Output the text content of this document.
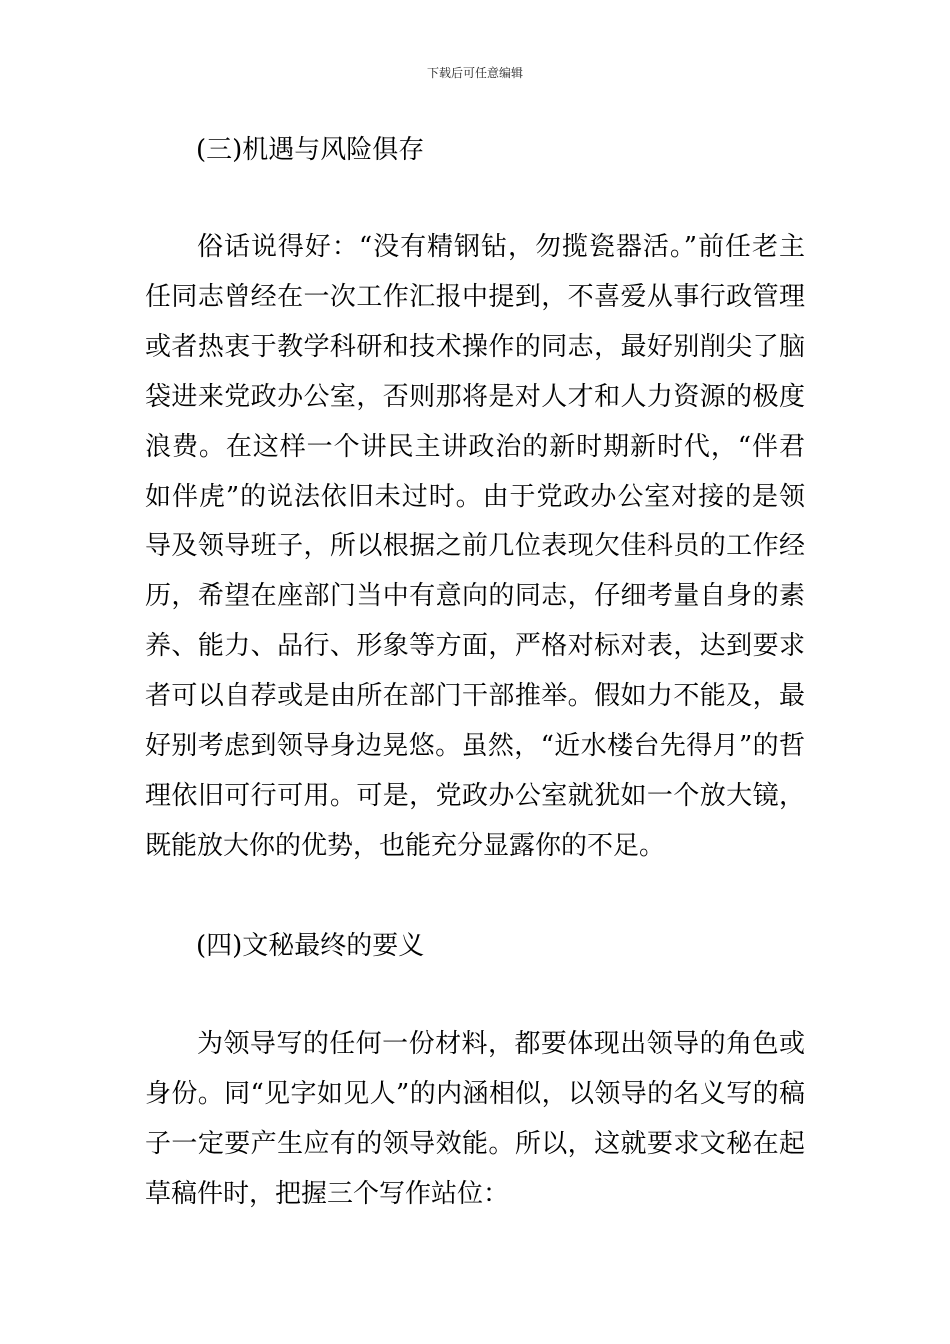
下载后可任意编辑
(三)机遇与风险俱存

俗话说得好：“没有精钢钻，勿揽瓷器活。”前任老主任同志曾经在一次工作汇报中提到，不喜爱从事行政管理或者热衷于教学科研和技术操作的同志，最好别削尖了脑袋进来党政办公室，否则那将是对人才和人力资源的极度浪费。在这样一个讲民主讲政治的新时期新时代，“伴君如伴虎”的说法依旧未过时。由于党政办公室对接的是领导及领导班子，所以根据之前几位表现欠佳科员的工作经历，希望在座部门当中有意向的同志，仔细考量自身的素养、能力、品行、形象等方面，严格对标对表，达到要求者可以自荐或是由所在部门干部推举。假如力不能及，最好别考虑到领导身边晃悠。虽然，“近水楼台先得月”的哲理依旧可行可用。可是，党政办公室就犹如一个放大镜，既能放大你的优势，也能充分显露你的不足。

(四)文秘最终的要义

为领导写的任何一份材料，都要体现出领导的角色或身份。同“见字如见人”的内涵相似，以领导的名义写的稿子一定要产生应有的领导效能。所以，这就要求文秘在起草稿件时，把握三个写作站位：
